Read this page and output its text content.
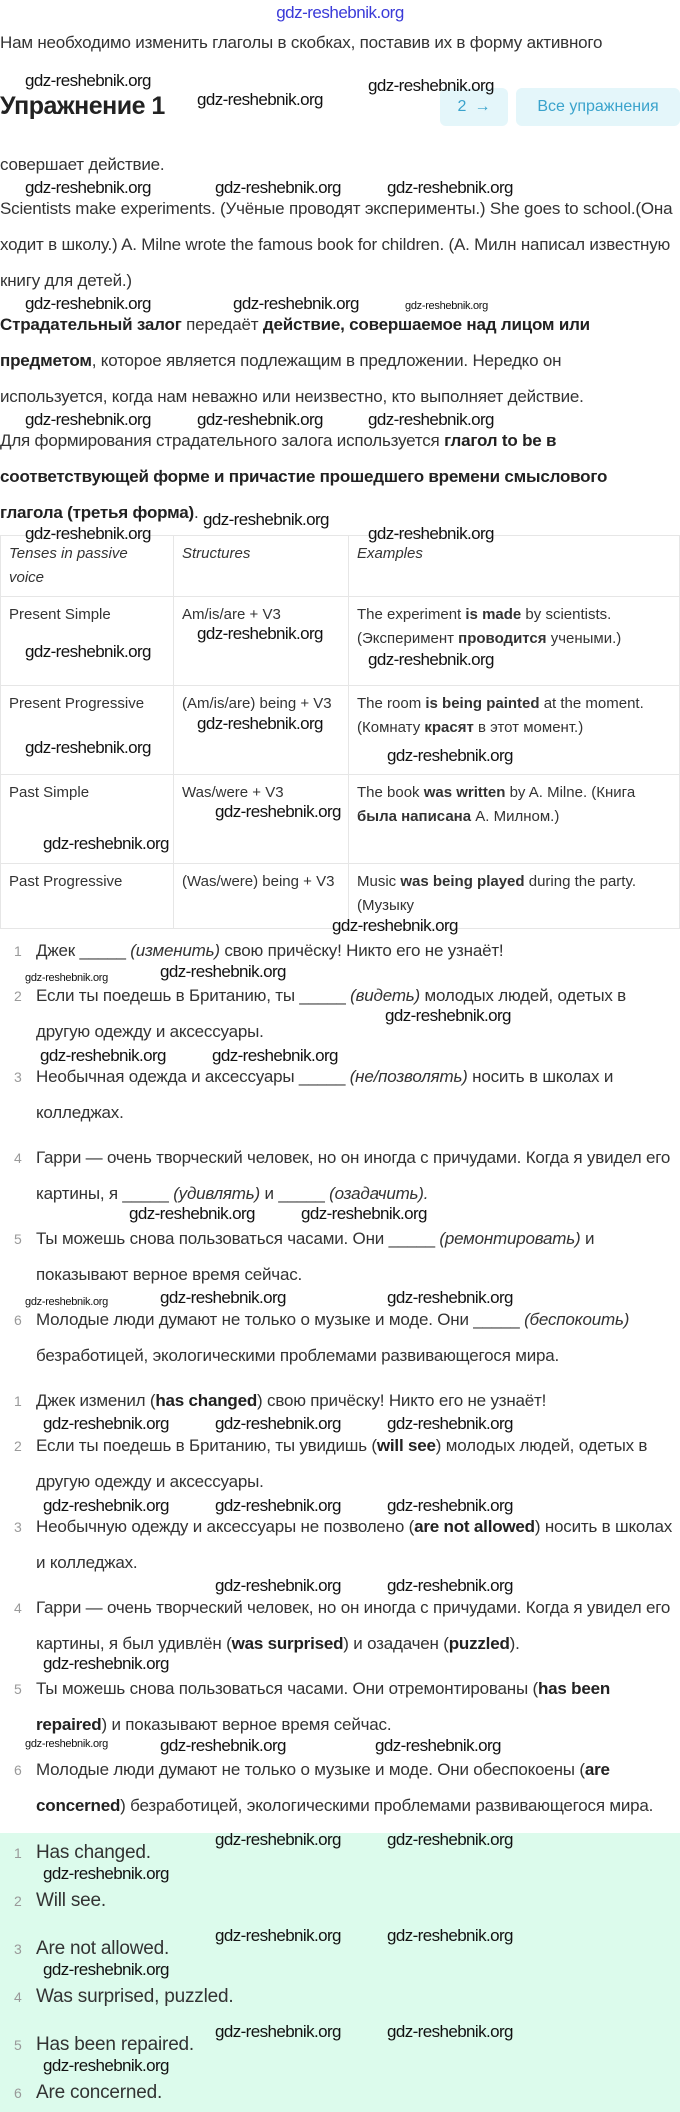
gdz-reshebnik.org
Нам необходимо изменить глаголы в скобках, поставив их в форму активного
Упражнение 1	2 →	Все упражнения
совершает действие.
Scientists make experiments. (Учёные проводят эксперименты.) She goes to school.(Она ходит в школу.) A. Milne wrote the famous book for children. (А. Милн написал известную книгу для детей.)
Страдательный залог передаёт действие, совершаемое над лицом или предметом, которое является подлежащим в предложении. Нередко он используется, когда нам неважно или неизвестно, кто выполняет действие.
Для формирования страдательного залога используется глагол to be в соответствующей форме и причастие прошедшего времени смыслового глагола (третья форма).
Tenses in passive voice	Structures	Examples
Present Simple	Am/is/are + V3	The experiment is made by scientists. (Эксперимент проводится учеными.)
Present Progressive	(Am/is/are) being + V3	The room is being painted at the moment. (Комнату красят в этот момент.)
Past Simple	Was/were + V3	The book was written by A. Milne. (Книга была написана А. Милном.)
Past Progressive	(Was/were) being + V3	Music was being played during the party. (Музыку
1 Джек _____ (изменить) свою причёску! Никто его не узнаёт!
2 Если ты поедешь в Британию, ты _____ (видеть) молодых людей, одетых в другую одежду и аксессуары.
3 Необычная одежда и аксессуары _____ (не/позволять) носить в школах и колледжах.
4 Гарри — очень творческий человек, но он иногда с причудами. Когда я увидел его картины, я _____ (удивлять) и _____ (озадачить).
5 Ты можешь снова пользоваться часами. Они _____ (ремонтировать) и показывают верное время сейчас.
6 Молодые люди думают не только о музыке и моде. Они _____ (беспокоить) безработицей, экологическими проблемами развивающегося мира.
1 Джек изменил (has changed) свою причёску! Никто его не узнаёт!
2 Если ты поедешь в Британию, ты увидишь (will see) молодых людей, одетых в другую одежду и аксессуары.
3 Необычную одежду и аксессуары не позволено (are not allowed) носить в школах и колледжах.
4 Гарри — очень творческий человек, но он иногда с причудами. Когда я увидел его картины, я был удивлён (was surprised) и озадачен (puzzled).
5 Ты можешь снова пользоваться часами. Они отремонтированы (has been repaired) и показывают верное время сейчас.
6 Молодые люди думают не только о музыке и моде. Они обеспокоены (are concerned) безработицей, экологическими проблемами развивающегося мира.
1 Has changed.
2 Will see.
3 Are not allowed.
4 Was surprised, puzzled.
5 Has been repaired.
6 Are concerned.
gdz-reshebnik.org
gdz-reshebnik.org
gdz-reshebnik.org
gdz-reshebnik.org	gdz-reshebnik.org	gdz-reshebnik.org
gdz-reshebnik.org	gdz-reshebnik.org	gdz-reshebnik.org
gdz-reshebnik.org	gdz-reshebnik.org	gdz-reshebnik.org
gdz-reshebnik.org
gdz-reshebnik.org	gdz-reshebnik.org
gdz-reshebnik.org
gdz-reshebnik.org	gdz-reshebnik.org
gdz-reshebnik.org
gdz-reshebnik.org	gdz-reshebnik.org
gdz-reshebnik.org
gdz-reshebnik.org
gdz-reshebnik.org
gdz-reshebnik.org
gdz-reshebnik.org
gdz-reshebnik.org
gdz-reshebnik.org	gdz-reshebnik.org
gdz-reshebnik.org	gdz-reshebnik.org
gdz-reshebnik.org	gdz-reshebnik.org	gdz-reshebnik.org
gdz-reshebnik.org	gdz-reshebnik.org	gdz-reshebnik.org
gdz-reshebnik.org	gdz-reshebnik.org
gdz-reshebnik.org
gdz-reshebnik.org	gdz-reshebnik.org
gdz-reshebnik.org
gdz-reshebnik.org	gdz-reshebnik.org	gdz-reshebnik.org
gdz-reshebnik.org	gdz-reshebnik.org
gdz-reshebnik.org
gdz-reshebnik.org	gdz-reshebnik.org
gdz-reshebnik.org
gdz-reshebnik.org	gdz-reshebnik.org
gdz-reshebnik.org
